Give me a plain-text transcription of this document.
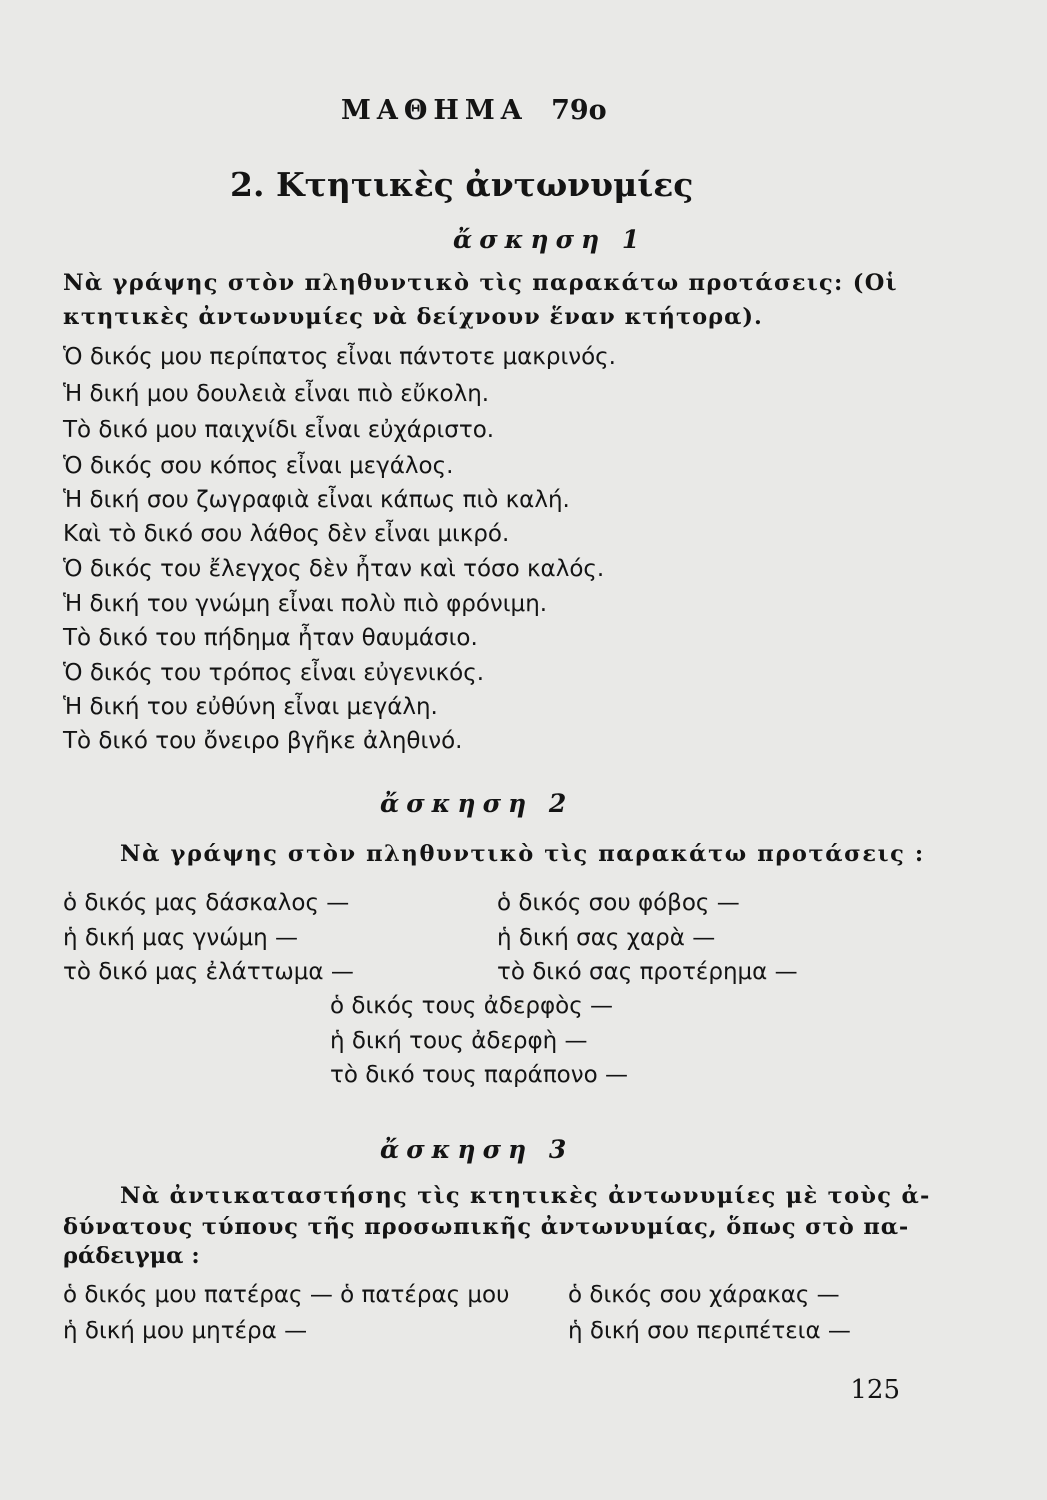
ΜΑΘΗΜΑ 79ο
2. Κτητικὲς ἀντωνυμίες
ἄσκηση 1
Νὰ γράψης στὸν πληθυντικὸ τὶς παρακάτω προτάσεις: (Οἱ
κτητικὲς ἀντωνυμίες νὰ δείχνουν ἕναν κτήτορα).
Ὁ δικός μου περίπατος εἶναι πάντοτε μακρινός.
Ἡ δική μου δουλειὰ εἶναι πιὸ εὔκολη.
Τὸ δικό μου παιχνίδι εἶναι εὐχάριστο.
Ὁ δικός σου κόπος εἶναι μεγάλος.
Ἡ δική σου ζωγραφιὰ εἶναι κάπως πιὸ καλή.
Καὶ τὸ δικό σου λάθος δὲν εἶναι μικρό.
Ὁ δικός του ἔλεγχος δὲν ἦταν καὶ τόσο καλός.
Ἡ δική του γνώμη εἶναι πολὺ πιὸ φρόνιμη.
Τὸ δικό του πήδημα ἦταν θαυμάσιο.
Ὁ δικός του τρόπος εἶναι εὐγενικός.
Ἡ δική του εὐθύνη εἶναι μεγάλη.
Τὸ δικό του ὄνειρο βγῆκε ἀληθινό.
ἄσκηση 2
Νὰ γράψης στὸν πληθυντικὸ τὶς παρακάτω προτάσεις :
ὁ δικός μας δάσκαλος —	ὁ δικός σου φόβος —
ἡ δική μας γνώμη —	ἡ δική σας χαρὰ —
τὸ δικό μας ἐλάττωμα —	τὸ δικό σας προτέρημα —
ὁ δικός τους ἀδερφὸς —
ἡ δική τους ἀδερφὴ —
τὸ δικό τους παράπονο —
ἄσκηση 3
Νὰ ἀντικαταστήσης τὶς κτητικὲς ἀντωνυμίες μὲ τοὺς ἀ-
δύνατους τύπους τῆς προσωπικῆς ἀντωνυμίας, ὅπως στὸ πα-
ράδειγμα :
ὁ δικός μου πατέρας — ὁ πατέρας μου	ὁ δικός σου χάρακας —
ἡ δική μου μητέρα —	ἡ δική σου περιπέτεια —
125
